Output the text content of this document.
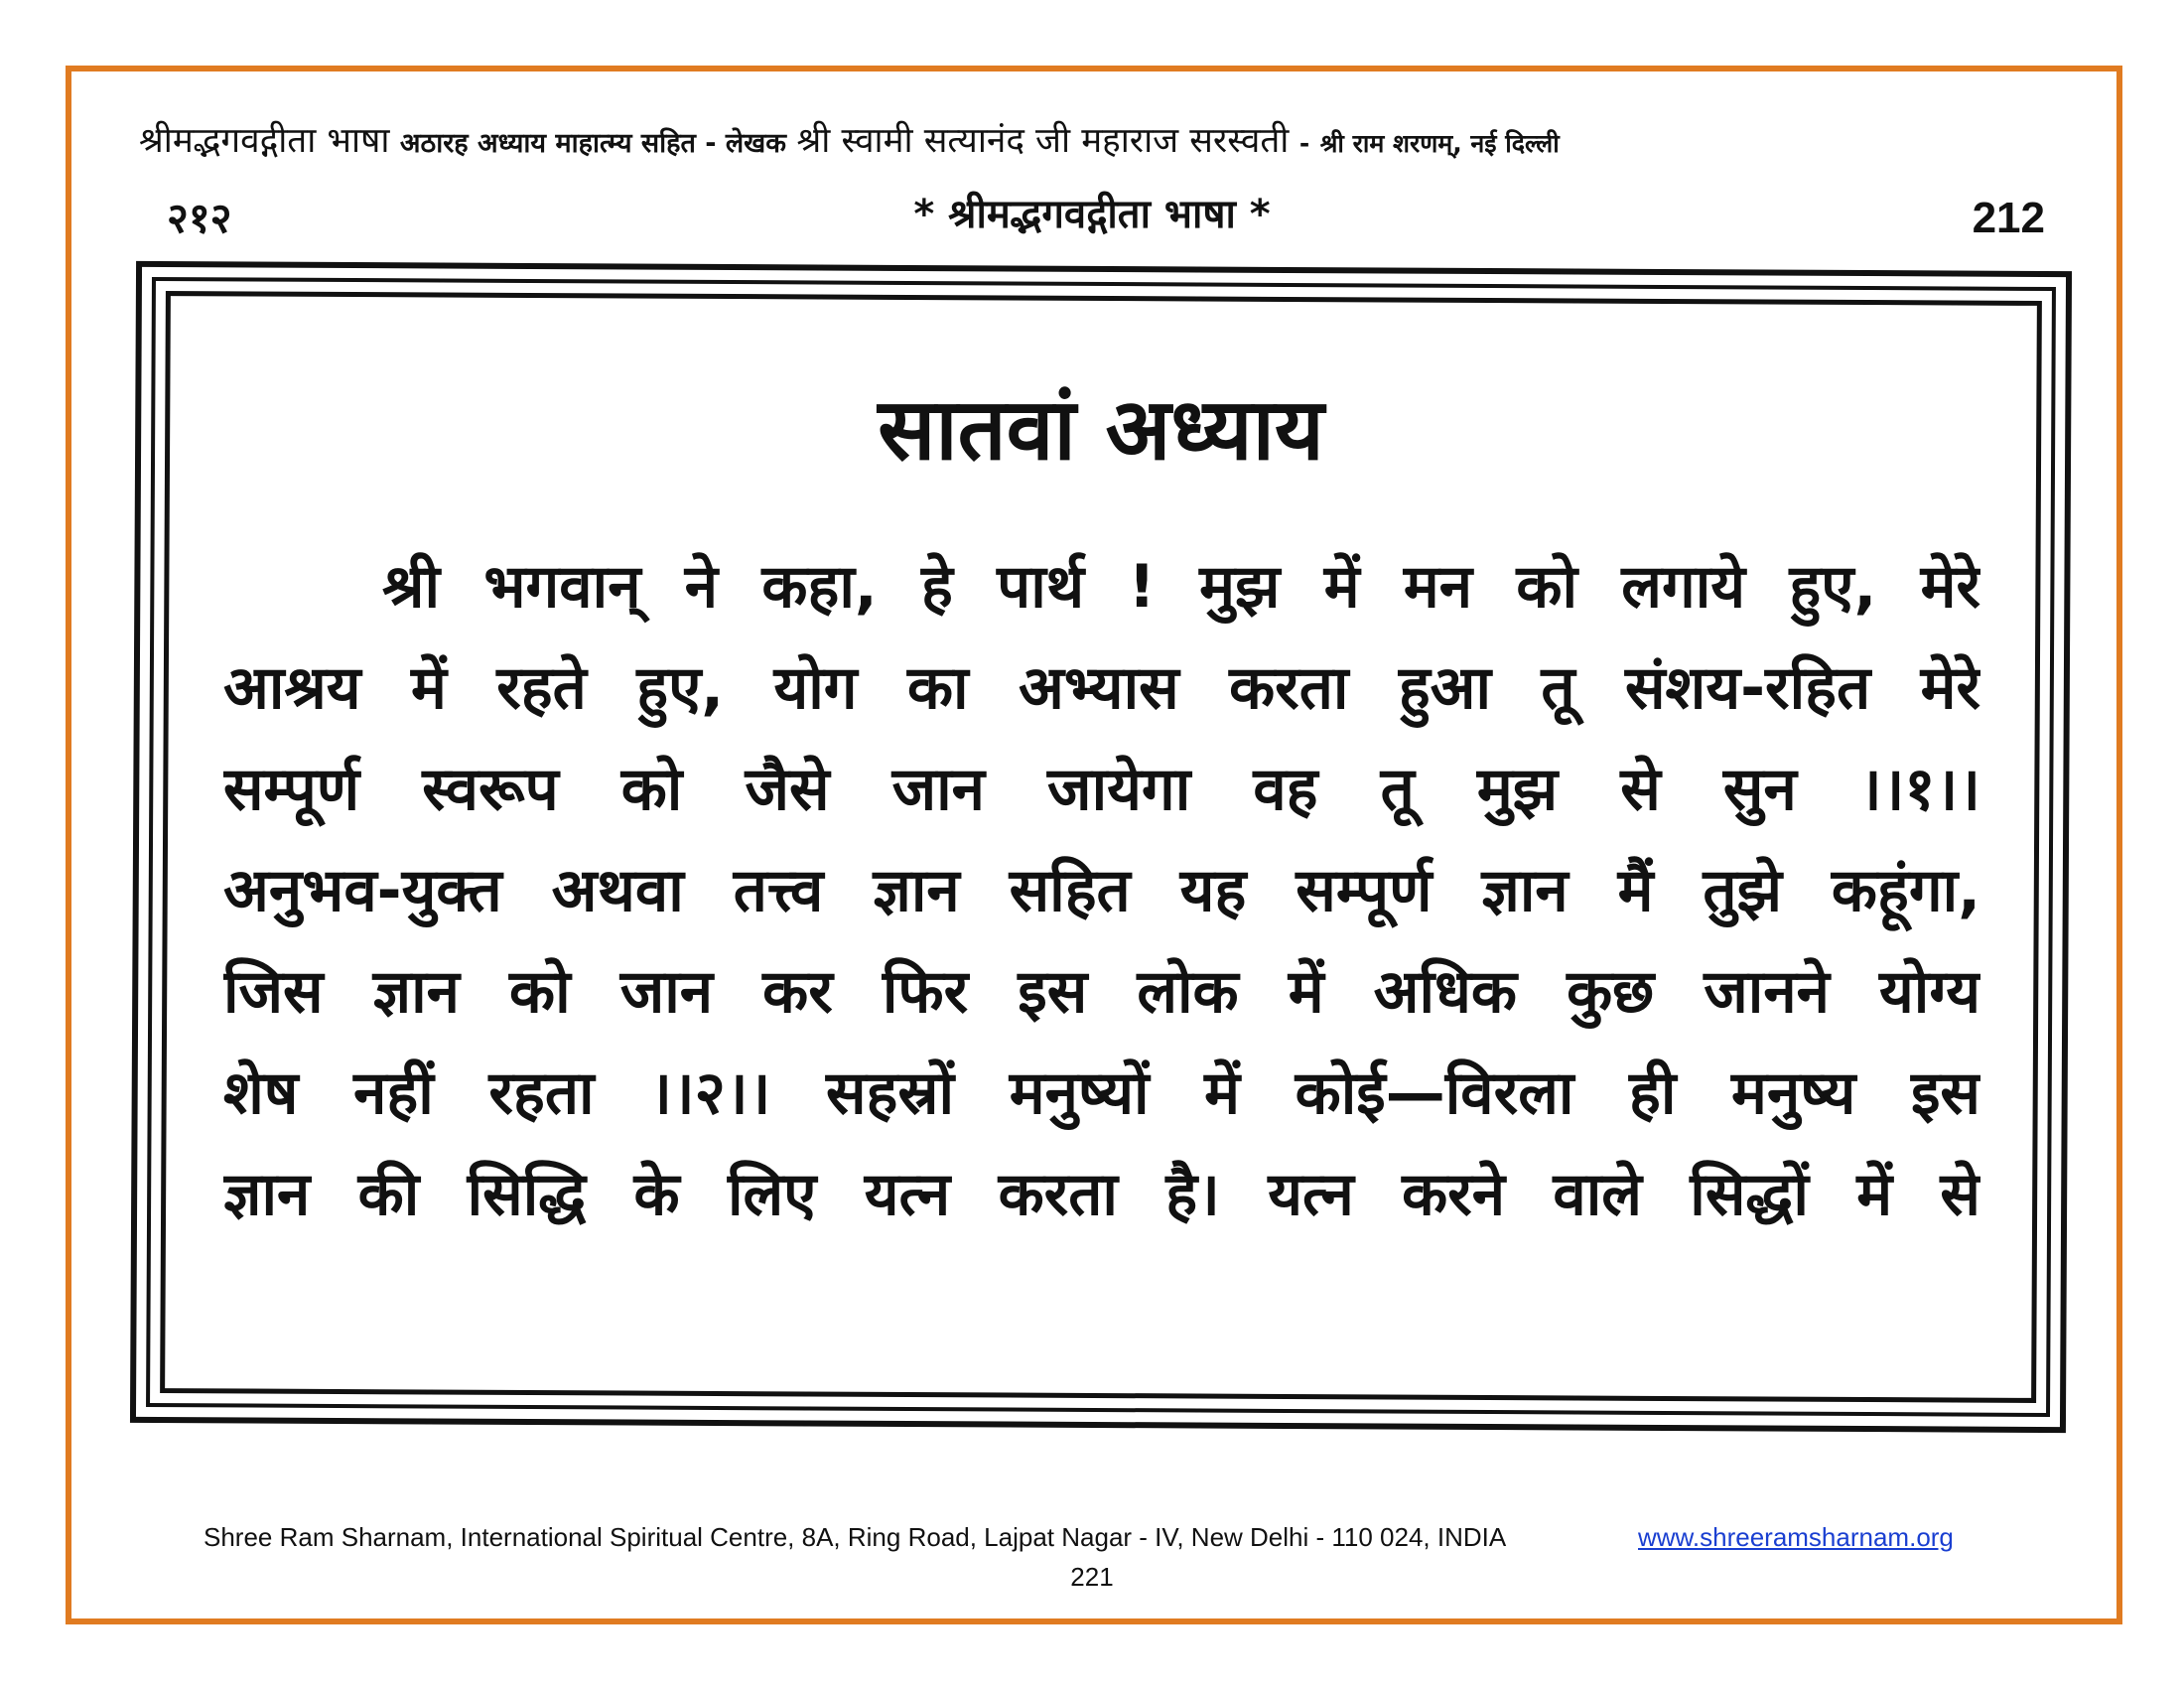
श्रीमद्भगवद्गीता भाषा अठारह अध्याय माहात्म्य सहित - लेखक श्री स्वामी सत्यानंद जी महाराज सरस्वती - श्री राम शरणम्, नई दिल्ली
२१२	* श्रीमद्भगवद्गीता भाषा *	212
सातवां अध्याय
श्री भगवान् ने कहा, हे पार्थ ! मुझ में मन को लगाये हुए, मेरे
आश्रय में रहते हुए, योग का अभ्यास करता हुआ तू संशय-रहित मेरे
सम्पूर्ण स्वरूप को जैसे जान जायेगा वह तू मुझ से सुन ।।१।।
अनुभव-युक्त अथवा तत्त्व ज्ञान सहित यह सम्पूर्ण ज्ञान मैं तुझे कहूंगा,
जिस ज्ञान को जान कर फिर इस लोक में अधिक कुछ जानने योग्य
शेष नहीं रहता ।।२।। सहस्रों मनुष्यों में कोई—विरला ही मनुष्य इस
ज्ञान की सिद्धि के लिए यत्न करता है। यत्न करने वाले सिद्धों में से
Shree Ram Sharnam, International Spiritual Centre, 8A, Ring Road, Lajpat Nagar - IV, New Delhi - 110 024, INDIA	www.shreeramsharnam.org
221
